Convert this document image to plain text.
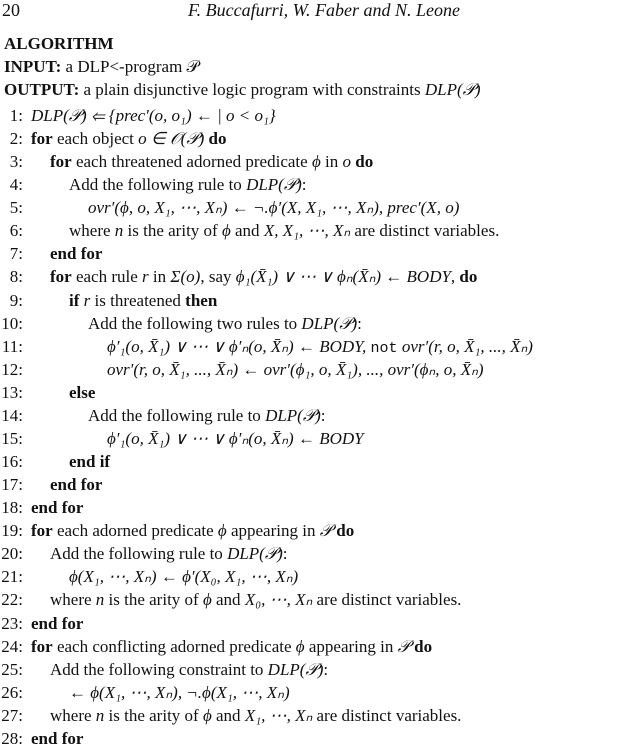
20	F. Buccafurri, W. Faber and N. Leone
ALGORITHM
INPUT: a DLP<-program 𝒫
OUTPUT: a plain disjunctive logic program with constraints DLP(𝒫)
1: DLP(𝒫) ⇐ {prec′(o, o₁) ← | o < o₁}
2: for each object o ∈ 𝒪(𝒫) do
3: for each threatened adorned predicate ϕ in o do
4:	Add the following rule to DLP(𝒫):
5:	ovr′(ϕ, o, X₁, ⋯, Xₙ) ← ¬.ϕ′(X, X₁, ⋯, Xₙ), prec′(X, o)
6:	where n is the arity of ϕ and X, X₁, ⋯, Xₙ are distinct variables.
7: end for
8: for each rule r in Σ(o), say ϕ₁(X̄₁) ∨ ⋯ ∨ ϕₙ(X̄ₙ) ← BODY, do
9:	if r is threatened then
10:	Add the following two rules to DLP(𝒫):
11:	ϕ′₁(o, X̄₁) ∨ ⋯ ∨ ϕ′ₙ(o, X̄ₙ) ← BODY, not ovr′(r, o, X̄₁, ..., X̄ₙ)
12:	ovr′(r, o, X̄₁, ..., X̄ₙ) ← ovr′(ϕ₁, o, X̄₁), ..., ovr′(ϕₙ, o, X̄ₙ)
13:	else
14:	Add the following rule to DLP(𝒫):
15:	ϕ′₁(o, X̄₁) ∨ ⋯ ∨ ϕ′ₙ(o, X̄ₙ) ← BODY
16:	end if
17: end for
18: end for
19: for each adorned predicate ϕ appearing in 𝒫 do
20: Add the following rule to DLP(𝒫):
21:	ϕ(X₁, ⋯, Xₙ) ← ϕ′(X₀, X₁, ⋯, Xₙ)
22: where n is the arity of ϕ and X₀, ⋯, Xₙ are distinct variables.
23: end for
24: for each conflicting adorned predicate ϕ appearing in 𝒫 do
25: Add the following constraint to DLP(𝒫):
26:	← ϕ(X₁, ⋯, Xₙ), ¬.ϕ(X₁, ⋯, Xₙ)
27: where n is the arity of ϕ and X₁, ⋯, Xₙ are distinct variables.
28: end for
